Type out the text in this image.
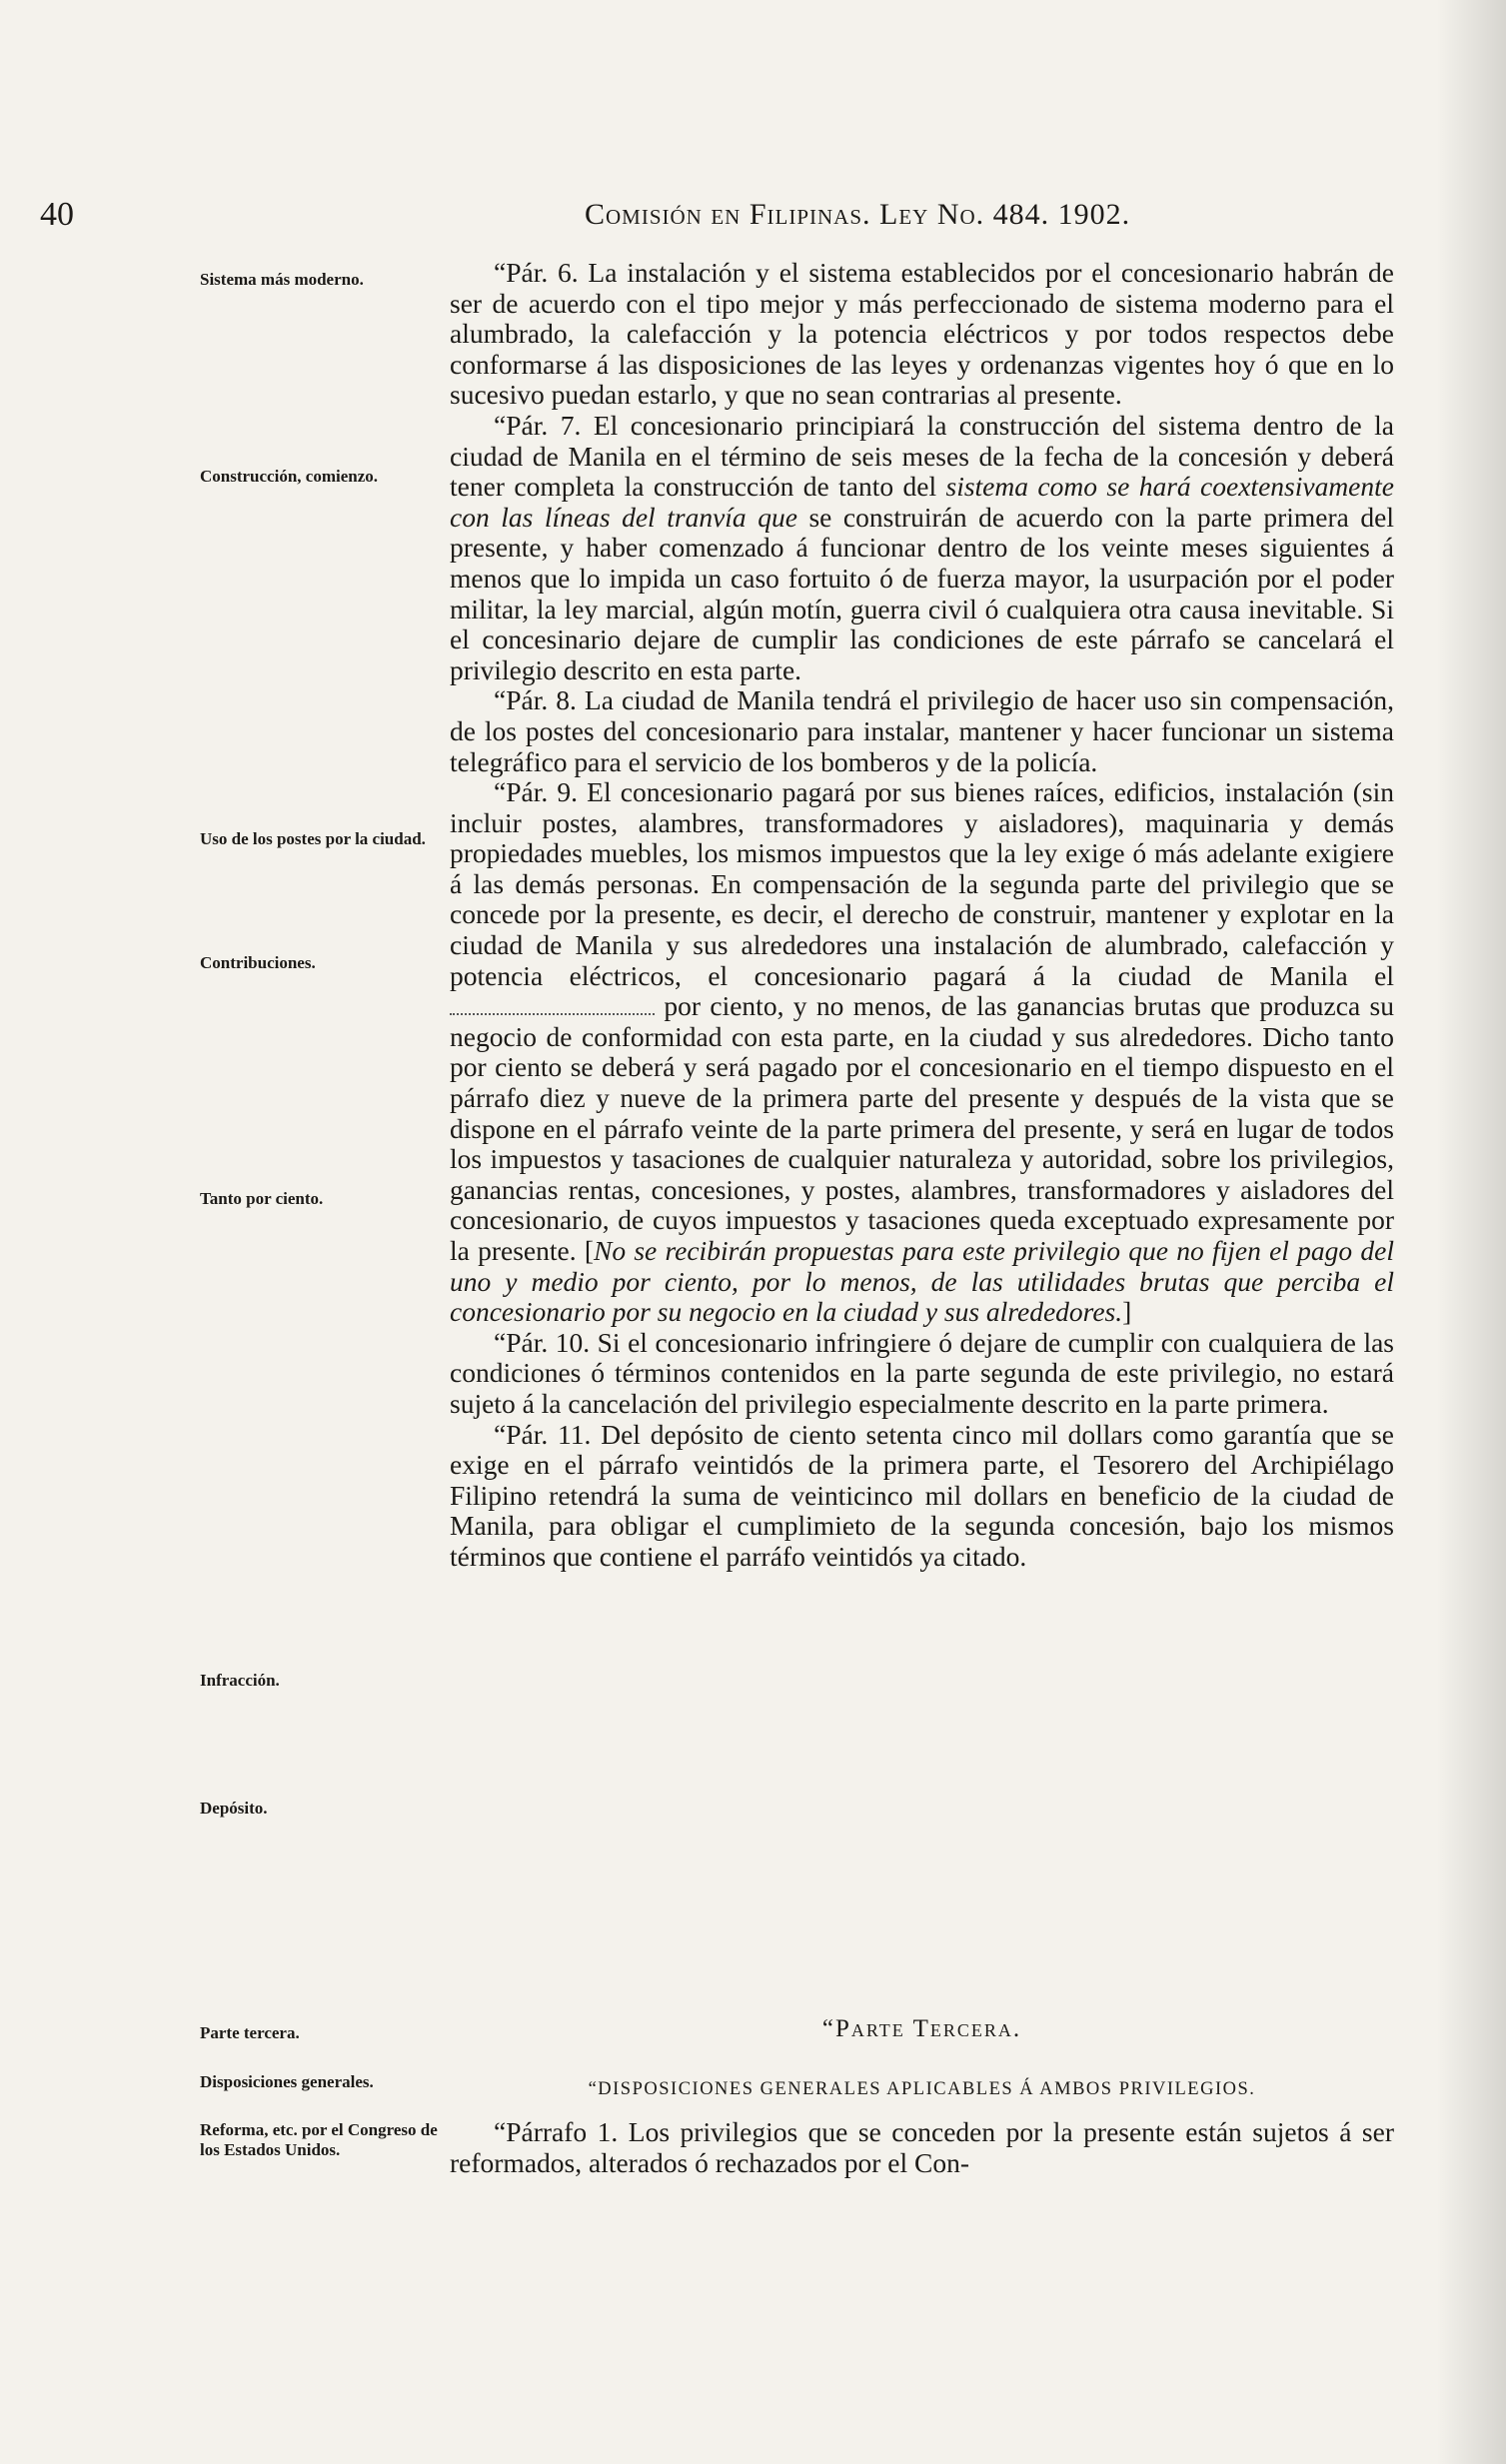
40	Comisión en Filipinas. Ley No. 484. 1902.
Sistema más moderno.
Construcción, comienzo.
Uso de los postes por la ciudad.
Contribuciones.
Tanto por ciento.
Infracción.
Depósito.
Parte tercera.
Disposiciones generales.
Reforma, etc. por el Congreso de los Estados Unidos.

“Pár. 6. La instalación y el sistema establecidos por el concesionario habrán de ser de acuerdo con el tipo mejor y más perfeccionado de sistema moderno para el alumbrado, la calefacción y la potencia eléctricos y por todos respectos debe conformarse á las disposiciones de las leyes y ordenanzas vigentes hoy ó que en lo sucesivo puedan estarlo, y que no sean contrarias al presente.

“Pár. 7. El concesionario principiará la construcción del sistema dentro de la ciudad de Manila en el término de seis meses de la fecha de la concesión y deberá tener completa la construcción de tanto del sistema como se hará coextensivamente con las líneas del tranvía que se construirán de acuerdo con la parte primera del presente, y haber comenzado á funcionar dentro de los veinte meses siguientes á menos que lo impida un caso fortuito ó de fuerza mayor, la usurpación por el poder militar, la ley marcial, algún motín, guerra civil ó cualquiera otra causa inevitable. Si el concesinario dejare de cumplir las condiciones de este párrafo se cancelará el privilegio descrito en esta parte.

“Pár. 8. La ciudad de Manila tendrá el privilegio de hacer uso sin compensación, de los postes del concesionario para instalar, mantener y hacer funcionar un sistema telegráfico para el servicio de los bomberos y de la policía.

“Pár. 9. El concesionario pagará por sus bienes raíces, edificios, instalación (sin incluir postes, alambres, transformadores y aisladores), maquinaria y demás propiedades muebles, los mismos impuestos que la ley exige ó más adelante exigiere á las demás personas. En compensación de la segunda parte del privilegio que se concede por la presente, es decir, el derecho de construir, mantener y explotar en la ciudad de Manila y sus alrededores una instalación de alumbrado, calefacción y potencia eléctricos, el concesionario pagará á la ciudad de Manila el  por ciento, y no menos, de las ganancias brutas que produzca su negocio de conformidad con esta parte, en la ciudad y sus alrededores. Dicho tanto por ciento se deberá y será pagado por el concesionario en el tiempo dispuesto en el párrafo diez y nueve de la primera parte del presente y después de la vista que se dispone en el párrafo veinte de la parte primera del presente, y será en lugar de todos los impuestos y tasaciones de cualquier naturaleza y autoridad, sobre los privilegios, ganancias rentas, concesiones, y postes, alambres, transformadores y aisladores del concesionario, de cuyos impuestos y tasaciones queda exceptuado expresamente por la presente. [No se recibirán propuestas para este privilegio que no fijen el pago del uno y medio por ciento, por lo menos, de las utilidades brutas que perciba el concesionario por su negocio en la ciudad y sus alrededores.]

“Pár. 10. Si el concesionario infringiere ó dejare de cumplir con cualquiera de las condiciones ó términos contenidos en la parte segunda de este privilegio, no estará sujeto á la cancelación del privilegio especialmente descrito en la parte primera.

“Pár. 11. Del depósito de ciento setenta cinco mil dollars como garantía que se exige en el párrafo veintidós de la primera parte, el Tesorero del Archipiélago Filipino retendrá la suma de veinticinco mil dollars en beneficio de la ciudad de Manila, para obligar el cumplimieto de la segunda concesión, bajo los mismos términos que contiene el parráfo veintidós ya citado.

“Parte Tercera.
“DISPOSICIONES GENERALES APLICABLES Á AMBOS PRIVILEGIOS.

“Párrafo 1. Los privilegios que se conceden por la presente están sujetos á ser reformados, alterados ó rechazados por el Con-
